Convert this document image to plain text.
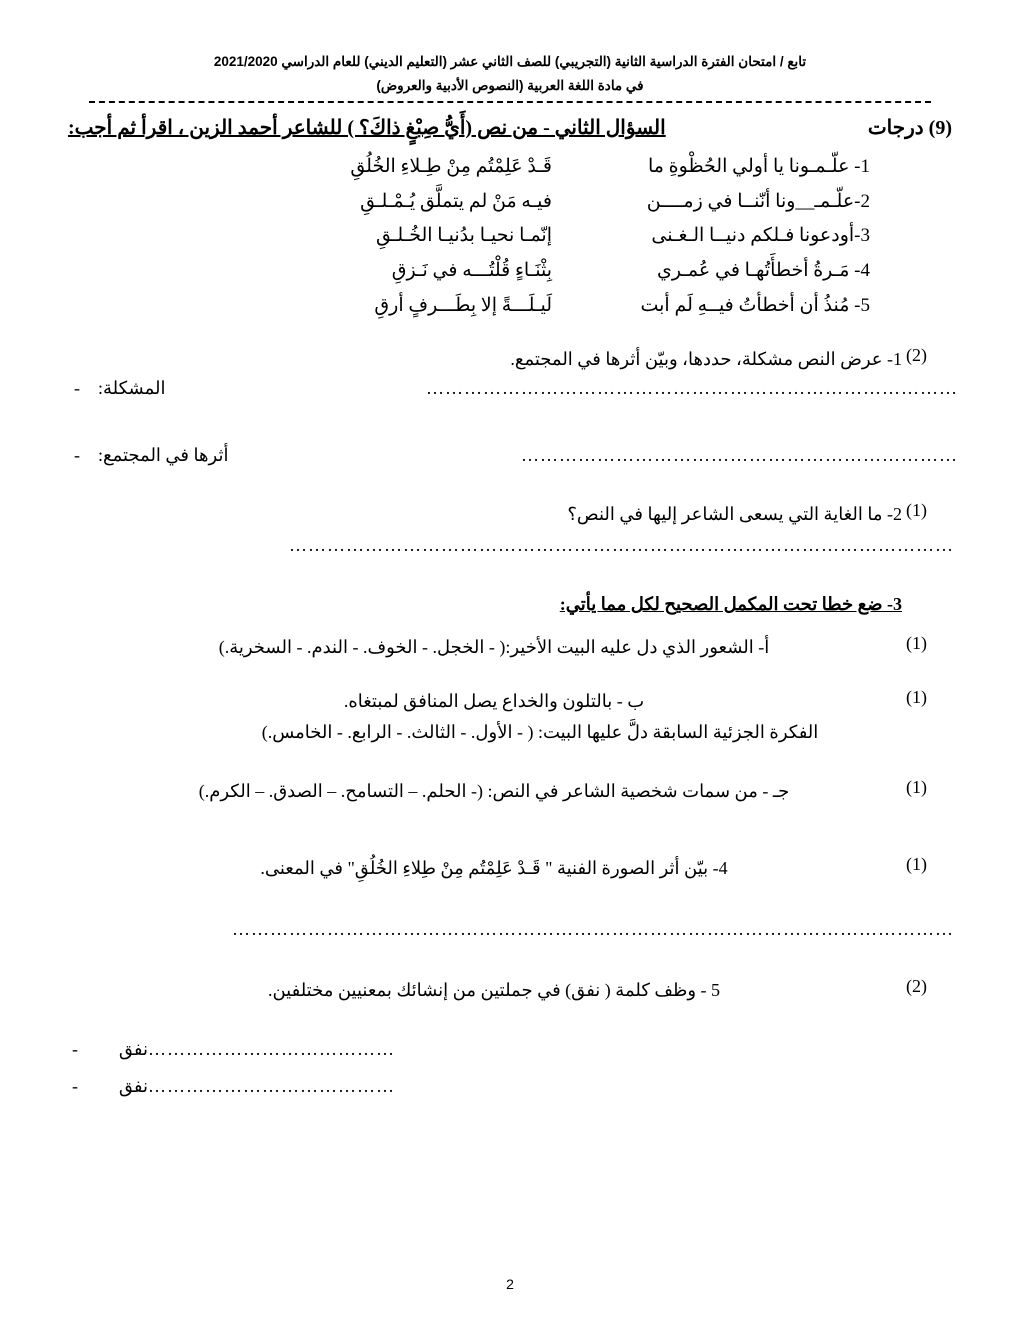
تابع / امتحان الفترة الدراسية الثانية (التجريبي) للصف الثاني عشر (التعليم الديني) للعام الدراسي 2021/2020
في مادة اللغة العربية (النصوص الأدبية والعروض)
السؤال الثاني - من نص (أَيُّ صِبْغٍ ذاكَ؟ ) للشاعر أحمد الزين ، اقرأ ثم أجب:	(9) درجات
1- علّـمـونا يا أولي الحُظْوةِ ما
قَـدْ عَلِمْتُم مِنْ طِـلاءِ الخُلُقِ
2-علّـمـ__ونا أنّنــا في زمــــن
فيـه مَنْ لم يتملَّق يُـمْـلـقِ
3-أودعونا فـلكم دنيــا الـغـنى
إنّمـا نحيـا بدُنيـا الخُـلـقِ
4- مَـرةُ أخطأَتُهـا في عُمـري
بِثْنَـاءٍ قُلْتُـــه في نَـزقِ
5- مُنذُ أن أخطأتُ فيــهِ لَم أبت
لَيـلَـــةً إلا بِطَـــرفٍ أرقِ
1- عرض النص مشكلة، حددها، وبيّن أثرها في المجتمع. (2)
-	المشكلة:	…………………………………………………………………………
-	أثرها في المجتمع:	……………………………………………………………
2- ما الغاية التي يسعى الشاعر إليها في النص؟ (1)
……………………………………………………………………………………………
3- ضع خطا تحت المكمل الصحيح لكل مما يأتي:
أ- الشعور الذي دل عليه البيت الأخير:( - الخجل. - الخوف. - الندم. - السخرية.)	(1)
ب - بالتلون والخداع يصل المنافق لمبتغاه.	(1)
الفكرة الجزئية السابقة دلَّ عليها البيت: ( - الأول. - الثالث. - الرابع. - الخامس.)
جـ - من سمات شخصية الشاعر في النص: (- الحلم. – التسامح. – الصدق. – الكرم.)	(1)
4- بيّن أثر الصورة الفنية " قَـدْ عَلِمْتُم مِنْ طِلاءِ الخُلُقِ" في المعنى.	(1)
……………………………………………………………………………………………………
5 - وظف كلمة ( نفق) في جملتين من إنشائك بمعنيين مختلفين.	(2)
-	نفق …………………………………
-	نفق …………………………………
2
